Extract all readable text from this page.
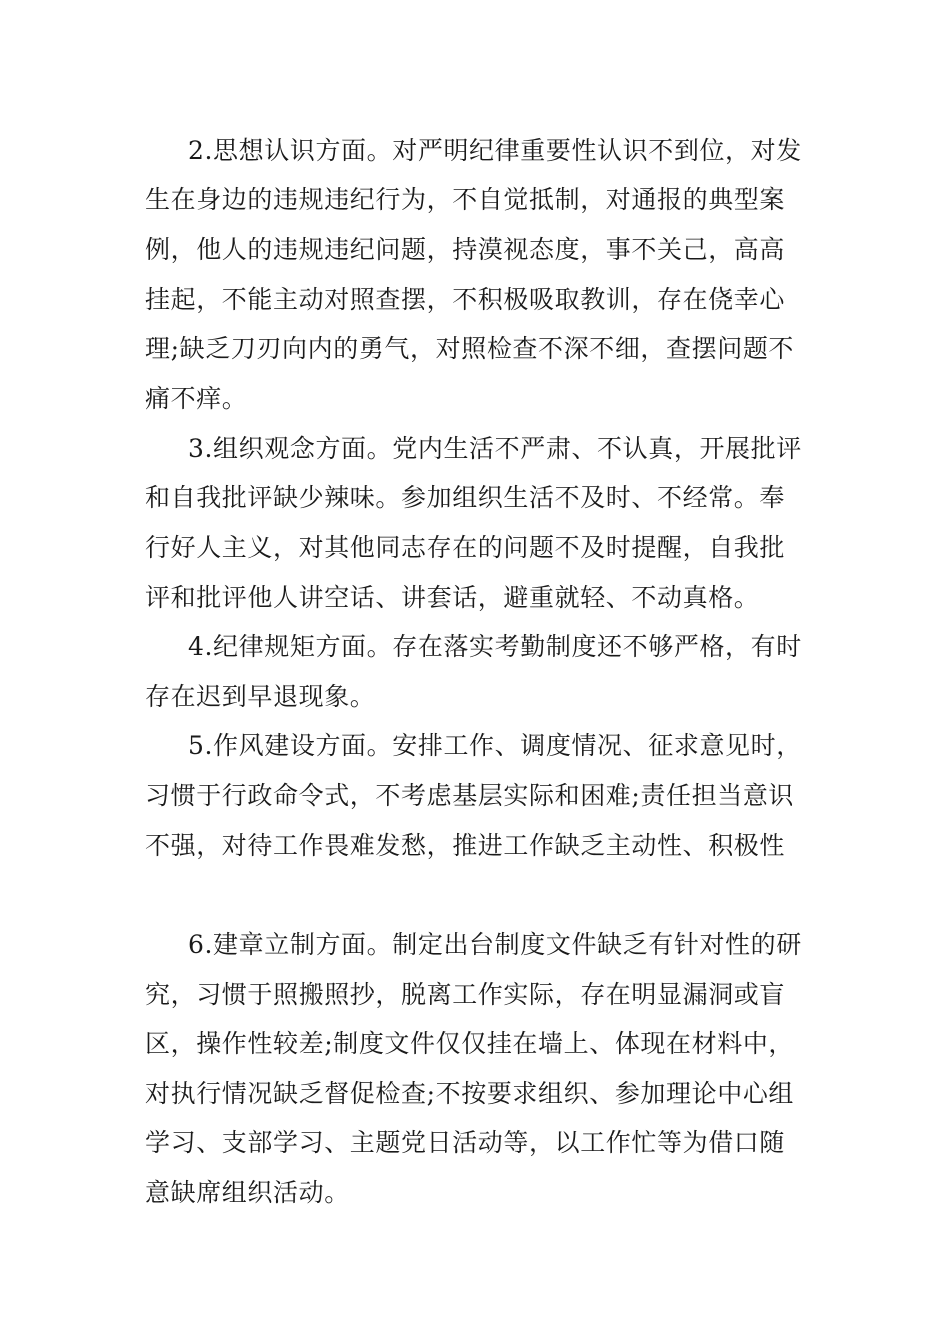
2.思想认识方面。对严明纪律重要性认识不到位，对发
生在身边的违规违纪行为，不自觉抵制，对通报的典型案
例，他人的违规违纪问题，持漠视态度，事不关己，高高
挂起，不能主动对照查摆，不积极吸取教训，存在侥幸心
理;缺乏刀刃向内的勇气，对照检查不深不细，查摆问题不
痛不痒。
3.组织观念方面。党内生活不严肃、不认真，开展批评
和自我批评缺少辣味。参加组织生活不及时、不经常。奉
行好人主义，对其他同志存在的问题不及时提醒，自我批
评和批评他人讲空话、讲套话，避重就轻、不动真格。
4.纪律规矩方面。存在落实考勤制度还不够严格，有时
存在迟到早退现象。
5.作风建设方面。安排工作、调度情况、征求意见时，
习惯于行政命令式，不考虑基层实际和困难;责任担当意识
不强，对待工作畏难发愁，推进工作缺乏主动性、积极性
6.建章立制方面。制定出台制度文件缺乏有针对性的研
究，习惯于照搬照抄，脱离工作实际，存在明显漏洞或盲
区，操作性较差;制度文件仅仅挂在墙上、体现在材料中，
对执行情况缺乏督促检查;不按要求组织、参加理论中心组
学习、支部学习、主题党日活动等，以工作忙等为借口随
意缺席组织活动。
